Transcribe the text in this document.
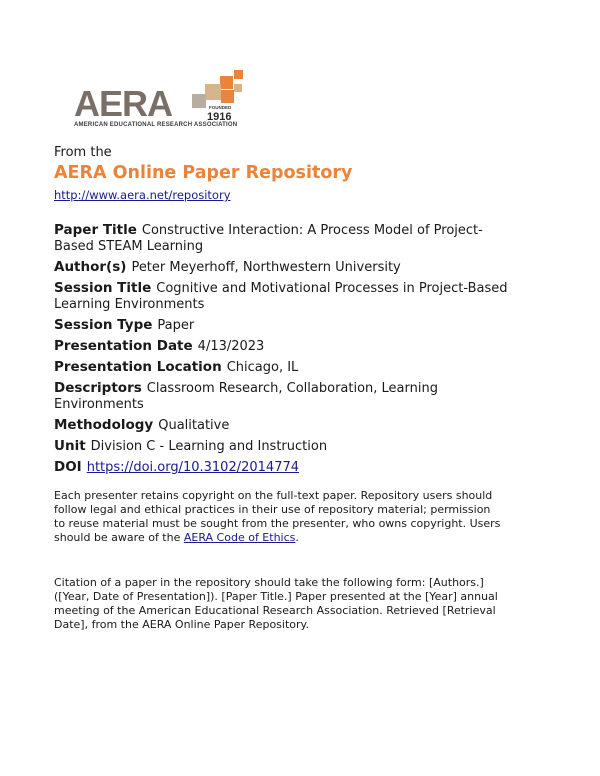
AERA	FOUNDED
1916
AMERICAN EDUCATIONAL RESEARCH ASSOCIATION
From the
AERA Online Paper Repository
http://www.aera.net/repository
Paper Title Constructive Interaction: A Process Model of Project-Based STEAM Learning
Author(s) Peter Meyerhoff, Northwestern University
Session Title Cognitive and Motivational Processes in Project-Based Learning Environments
Session Type Paper
Presentation Date 4/13/2023
Presentation Location Chicago, IL
Descriptors Classroom Research, Collaboration, Learning Environments
Methodology Qualitative
Unit Division C - Learning and Instruction
DOI https://doi.org/10.3102/2014774
Each presenter retains copyright on the full-text paper. Repository users should follow legal and ethical practices in their use of repository material; permission to reuse material must be sought from the presenter, who owns copyright. Users should be aware of the AERA Code of Ethics.
Citation of a paper in the repository should take the following form: [Authors.] ([Year, Date of Presentation]). [Paper Title.] Paper presented at the [Year] annual meeting of the American Educational Research Association. Retrieved [Retrieval Date], from the AERA Online Paper Repository.
